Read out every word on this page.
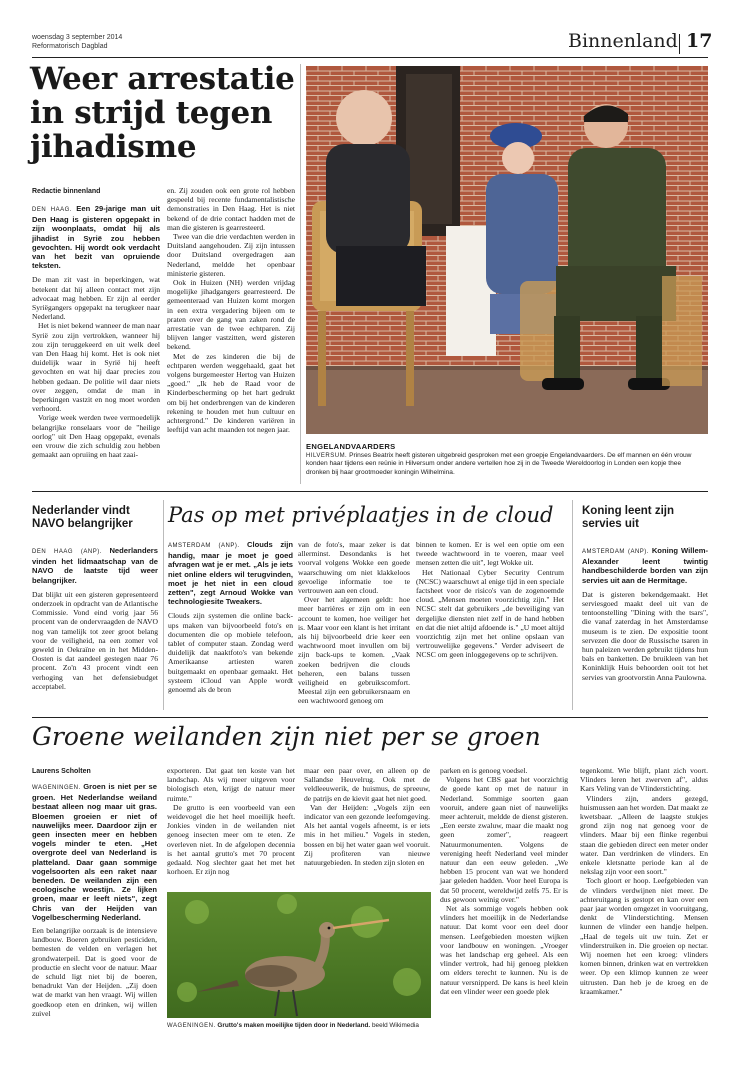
woensdag 3 september 2014
Reformatorisch Dagblad	Binnenland 17
Weer arrestatie in strijd tegen jihadisme
Redactie binnenland

DEN HAAG. Een 29-jarige man uit Den Haag is gisteren opgepakt in zijn woonplaats, omdat hij als jihadist in Syrië zou hebben gevochten. Hij wordt ook verdacht van het bezit van opruiende teksten.

De man zit vast in beperkingen, wat betekent dat hij alleen contact met zijn advocaat mag hebben. Er zijn al eerder Syriëgangers opgepakt na terugkeer naar Nederland.

Het is niet bekend wanneer de man naar Syrië zou zijn vertrokken, wanneer hij zou zijn teruggekeerd en uit welk deel van Den Haag hij komt. Het is ook niet duidelijk waar in Syrië hij heeft gevochten en wat hij daar precies zou hebben gedaan. De politie wil daar niets over zeggen, omdat de man in beperkingen vastzit en nog moet worden verhoord.

Vorige week werden twee vermoedelijk belangrijke ronselaars voor de "heilige oorlog" uit Den Haag opgepakt, evenals een vrouw die zich schuldig zou hebben gemaakt aan opruiing en haat zaai-

en. Zij zouden ook een grote rol hebben gespeeld bij recente fundamentalistische demonstraties in Den Haag. Het is niet bekend of de drie contact hadden met de man die gisteren is gearresteerd.

Twee van die drie verdachten werden in Duitsland aangehouden. Zij zijn intussen door Duitsland overgedragen aan Nederland, meldde het openbaar ministerie gisteren.

Ook in Huizen (NH) werden vrijdag mogelijke jihadgangers gearresteerd. De gemeenteraad van Huizen komt morgen in een extra vergadering bijeen om te praten over de gang van zaken rond de arrestatie van de twee echtparen. Zij blijven langer vastzitten, werd gisteren bekend.

Met de zes kinderen die bij de echtparen werden weggehaald, gaat het volgens burgemeester Hertog van Huizen „goed." „Ik heb de Raad voor de Kinderbescherming op het hart gedrukt om bij het onderbrengen van de kinderen rekening te houden met hun cultuur en achtergrond." De kinderen variëren in leeftijd van acht maanden tot negen jaar.

ENGELANDVAARDERS
HILVERSUM. Prinses Beatrix heeft gisteren uitgebreid gesproken met een groepje Engelandvaarders. De elf mannen en één vrouw konden haar tijdens een reünie in Hilversum onder andere vertellen hoe zij in de Tweede Wereldoorlog in Londen een kopje thee dronken bij haar grootmoeder koningin Wilhelmina.
Nederlander vindt NAVO belangrijker

DEN HAAG (ANP). Nederlanders vinden het lidmaatschap van de NAVO de laatste tijd weer belangrijker.

Dat blijkt uit een gisteren gepresenteerd onderzoek in opdracht van de Atlantische Commissie. Vond eind vorig jaar 56 procent van de ondervraagden de NAVO nog van tamelijk tot zeer groot belang voor de veiligheid, na een zomer vol geweld in Oekraïne en in het Midden-Oosten is dat aandeel gestegen naar 76 procent. Zo'n 43 procent vindt een verhoging van het defensiebudget acceptabel.

Pas op met privéplaatjes in de cloud

AMSTERDAM (ANP). Clouds zijn handig, maar je moet je goed afvragen wat je er met. „Als je iets niet online elders wil terugvinden, moet je het niet in een cloud zetten", zegt Arnoud Wokke van technologiesite Tweakers.

Clouds zijn systemen die online back-ups maken van bijvoorbeeld foto's en documenten die op mobiele telefoon, tablet of computer staan. Zondag werd duidelijk dat naaktfoto's van bekende Amerikaanse artiesten waren buitgemaakt en openbaar gemaakt. Het systeem iCloud van Apple wordt genoemd als de bron

van de foto's, maar zeker is dat allerminst. Desondanks is het voorval volgens Wokke een goede waarschuwing om niet klakkeloos gevoelige informatie toe te vertrouwen aan een cloud.

Over het algemeen geldt: hoe meer barrières er zijn om in een account te komen, hoe veiliger het is. Maar voor een klant is het irritant als hij bijvoorbeeld drie keer een wachtwoord moet invullen om bij zijn back-ups te komen. „Vaak zoeken bedrijven die clouds beheren, een balans tussen veiligheid en gebruikscomfort. Meestal zijn een gebruikersnaam en een wachtwoord genoeg om

binnen te komen. Er is wel een optie om een tweede wachtwoord in te voeren, maar veel mensen zetten die uit", legt Wokke uit.

Het Nationaal Cyber Security Centrum (NCSC) waarschuwt al enige tijd in een speciale factsheet voor de risico's van de zogenoemde cloud. „Mensen moeten voorzichtig zijn." Het NCSC stelt dat gebruikers „de beveiliging van dergelijke diensten niet zelf in de hand hebben en dat die niet altijd afdoende is." „U moet altijd voorzichtig zijn met het online opslaan van vertrouwelijke gegevens." Verder adviseert de NCSC om geen inloggegevens op te schrijven.

Koning leent zijn servies uit

AMSTERDAM (ANP). Koning Willem-Alexander leent twintig handbeschilderde borden van zijn servies uit aan de Hermitage.

Dat is gisteren bekendgemaakt. Het serviesgoed maakt deel uit van de tentoonstelling "Dining with the tsars", die vanaf zaterdag in het Amsterdamse museum is te zien. De expositie toont servezen die door de Russische tsaren in hun paleizen werden gebruikt tijdens hun bals en banketten. De bruikleen van het Koninklijk Huis behoorden ooit tot het servies van grootvorstin Anna Paulowna.

Groene weilanden zijn niet per se groen
Laurens Scholten

WAGENINGEN. Groen is niet per se groen. Het Nederlandse weiland bestaat alleen nog maar uit gras. Bloemen groeien er niet of nauwelijks meer. Daardoor zijn er geen insecten meer en hebben vogels minder te eten. „Het overgrote deel van Nederland is platteland. Daar gaan sommige vogelsoorten als een raket naar beneden. De weilanden zijn een ecologische woestijn. Ze lijken groen, maar er leeft niets", zegt Chris van der Heijden van Vogelbescherming Nederland.

Een belangrijke oorzaak is de intensieve landbouw. Boeren gebruiken pesticiden, bemesten de velden en verlagen het grondwaterpeil. Dat is goed voor de productie en slecht voor de natuur. Maar de schuld ligt niet bij de boeren, benadrukt Van der Heijden. „Zij doen wat de markt van hen vraagt. Wij willen goedkoop eten en drinken, wij willen zuivel

exporteren. Dat gaat ten koste van het landschap. Als wij meer uitgeven voor biologisch eten, krijgt de natuur meer ruimte."

De grutto is een voorbeeld van een weidevogel die het heel moeilijk heeft. Jonkies vinden in de weilanden niet genoeg insecten meer om te eten. Ze overleven niet. In de afgelopen decennia is het aantal grutto's met 70 procent gedaald. Nog slechter gaat het met het korhoen. Er zijn nog

maar een paar over, en alleen op de Sallandse Heuvelrug. Ook met de veldleeuwerik, de huismus, de spreeuw, de patrijs en de kievit gaat het niet goed.

Van der Heijden: „Vogels zijn een indicator van een gezonde leefomgeving. Als het aantal vogels afneemt, is er iets mis in het milieu." Vogels in steden, bossen en bij het water gaan wel vooruit. Zij profiteren van nieuwe natuurgebieden. In steden zijn sloten en

WAGENINGEN. Grutto's maken moeilijke tijden door in Nederland. beeld Wikimedia

parken en is genoeg voedsel.

Volgens het CBS gaat het voorzichtig de goede kant op met de natuur in Nederland. Sommige soorten gaan vooruit, andere gaan niet of nauwelijks meer achteruit, meldde de dienst gisteren. „Een eerste zwaluw, maar die maakt nog geen zomer", reageert Natuurmonumenten. Volgens de vereniging heeft Nederland veel minder natuur dan een eeuw geleden. „We hebben 15 procent van wat we honderd jaar geleden hadden. Voor heel Europa is dat 50 procent, wereldwijd zelfs 75. Er is dus gewoon weinig over."

Net als sommige vogels hebben ook vlinders het moeilijk in de Nederlandse natuur. Dat komt voor een deel door mensen. Leefgebieden moesten wijken voor landbouw en woningen. „Vroeger was het landschap erg geheel. Als een vlinder vertrok, had hij genoeg plekken om elders terecht te kunnen. Nu is de natuur versnipperd. De kans is heel klein dat een vlinder weer een goede plek

tegenkomt. Wie blijft, plant zich voort. Vlinders leren het zwerven af", aldus Kars Veling van de Vlinderstichting.

Vlinders zijn, anders gezegd, huismussen aan het worden. Dat maakt ze kwetsbaar. „Alleen de laagste stukjes grond zijn nog nat genoeg voor de vlinders. Maar bij een flinke regenbui staan die gebieden direct een meter onder water. Dan verdrinken de vlinders. En enkele kletsnatte periode kan al de nekslag zijn voor een soort."

Toch gloort er hoop. Leefgebieden van de vlinders verdwijnen niet meer. De achteruitgang is gestopt en kan over een paar jaar worden omgezet in vooruitgang, denkt de Vlinderstichting. Mensen kunnen de vlinder een handje helpen. „Haal de tegels uit uw tuin. Zet er vlinderstruiken in. Die groeien op nectar. Wij noemen het een kroeg: vlinders komen binnen, drinken wat en vertrekken weer. Op een klimop kunnen ze weer uitrusten. Dan heb je de kroeg en de kraamkamer."
